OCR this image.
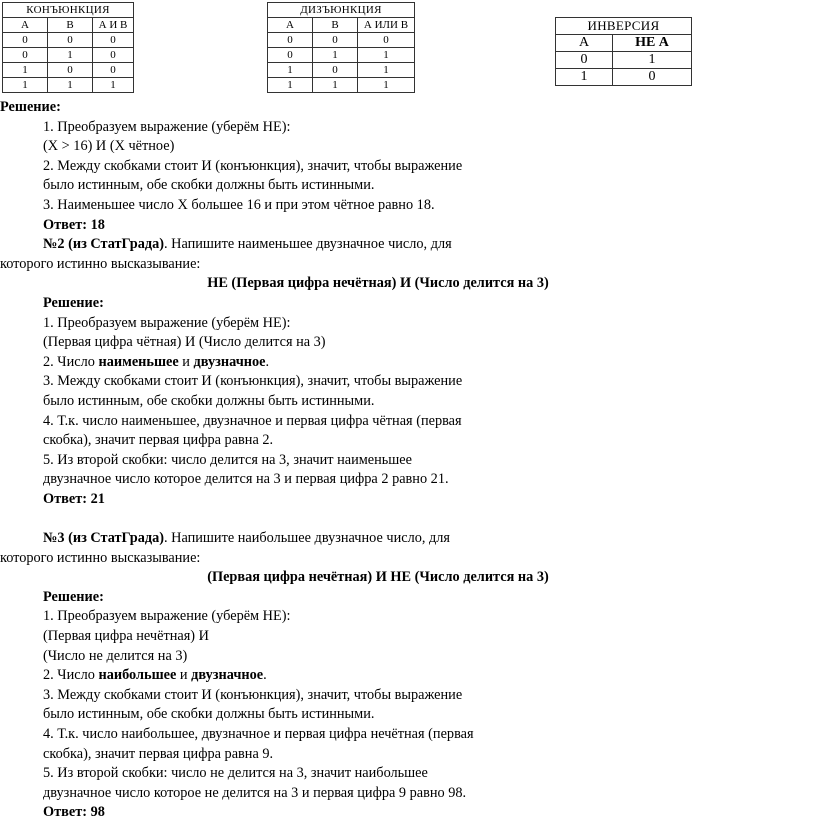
КОНЪЮНКЦИЯ		
А	В	А И В
0	0	0
0	1	0
1	0	0
1	1	1
ДИЗЪЮНКЦИЯ		
А	В	А ИЛИ В
0	0	0
0	1	1
1	0	1
1	1	1
ИНВЕРСИЯ	
А	НЕ А
0	1
1	0

Решение:

1. Преобразуем выражение (уберём НЕ):

(X > 16) И (X чётное)

2. Между скобками стоит И (конъюнкция), значит, чтобы выражение

было истинным, обе скобки должны быть истинными.

3. Наименьшее число X большее 16 и при этом чётное равно 18.

Ответ: 18

№2 (из СтатГрада). Напишите наименьшее двузначное число, для

которого истинно высказывание:

НЕ (Первая цифра нечётная) И (Число делится на 3)

Решение:

1. Преобразуем выражение (уберём НЕ):

(Первая цифра чётная) И (Число делится на 3)

2. Число наименьшее и двузначное.

3. Между скобками стоит И (конъюнкция), значит, чтобы выражение

было истинным, обе скобки должны быть истинными.

4. Т.к. число наименьшее, двузначное и первая цифра чётная (первая

скобка), значит первая цифра равна 2.

5. Из второй скобки: число делится на 3, значит наименьшее

двузначное число которое делится на 3 и первая цифра 2 равно 21.

Ответ: 21

№3 (из СтатГрада). Напишите наибольшее двузначное число, для

которого истинно высказывание:

(Первая цифра нечётная) И НЕ (Число делится на 3)

Решение:

1. Преобразуем выражение (уберём НЕ):

(Первая цифра нечётная) И

(Число не делится на 3)

2. Число наибольшее и двузначное.

3. Между скобками стоит И (конъюнкция), значит, чтобы выражение

было истинным, обе скобки должны быть истинными.

4. Т.к. число наибольшее, двузначное и первая цифра нечётная (первая

скобка), значит первая цифра равна 9.

5. Из второй скобки: число не делится на 3, значит наибольшее

двузначное число которое не делится на 3 и первая цифра 9 равно 98.

Ответ: 98
